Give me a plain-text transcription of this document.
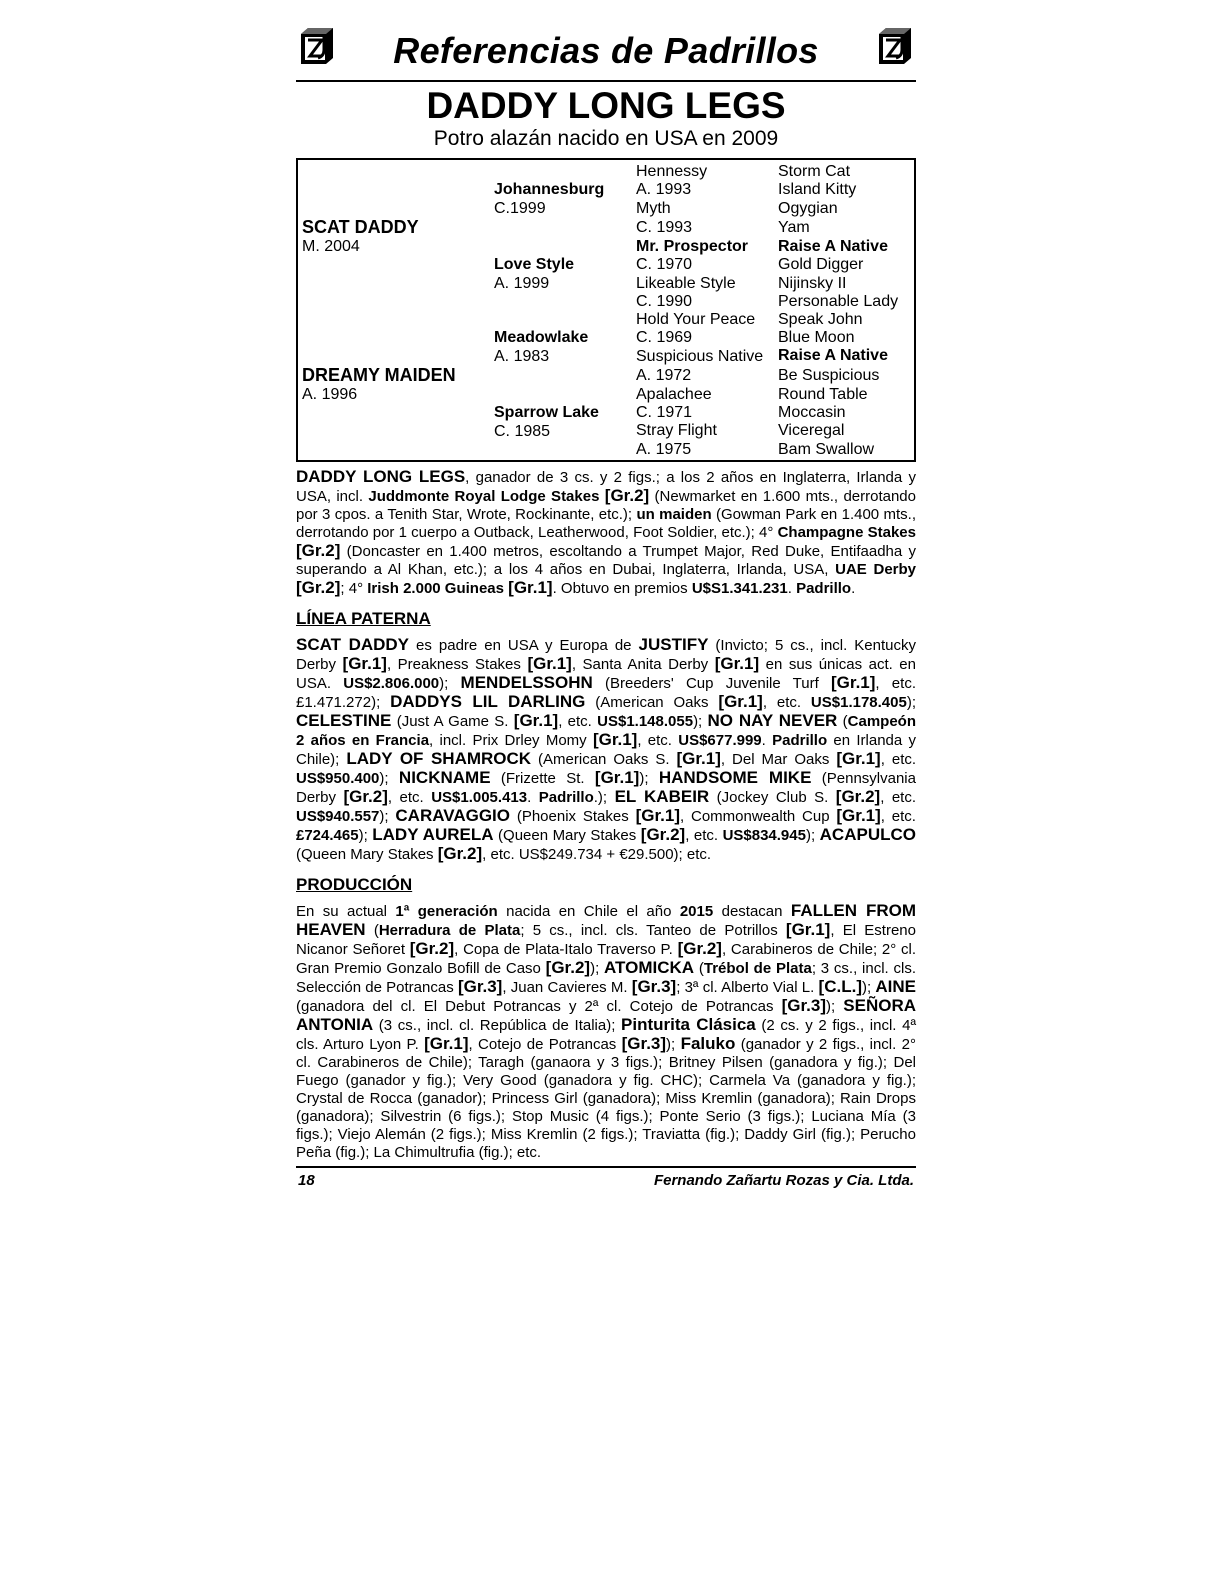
Referencias de Padrillos
DADDY LONG LEGS
Potro alazán nacido en USA en 2009
SCAT DADDY
M. 2004
DREAMY MAIDEN
A. 1996
Johannesburg
C.1999
Love Style
A. 1999
Meadowlake
A. 1983
Sparrow Lake
C. 1985
Hennessy
A. 1993
Myth
C. 1993
Mr. Prospector
C. 1970
Likeable Style
C. 1990
Hold Your Peace
C. 1969
Suspicious Native
A. 1972
Apalachee
C. 1971
Stray Flight
A. 1975
Storm Cat
Island Kitty
Ogygian
Yam
Raise A Native
Gold Digger
Nijinsky II
Personable Lady
Speak John
Blue Moon
Raise A Native
Be Suspicious
Round Table
Moccasin
Viceregal
Bam Swallow
DADDY LONG LEGS, ganador de 3 cs. y 2 figs.; a los 2 años en Inglaterra, Irlanda y USA, incl. Juddmonte Royal Lodge Stakes [Gr.2] (Newmarket en 1.600 mts., derrotando por 3 cpos. a Tenith Star, Wrote, Rockinante, etc.); un maiden (Gowman Park en 1.400 mts., derrotando por 1 cuerpo a Outback, Leatherwood, Foot Soldier, etc.); 4° Champagne Stakes [Gr.2] (Doncaster en 1.400 metros, escoltando a Trumpet Major, Red Duke, Entifaadha y superando a Al Khan, etc.); a los 4 años en Dubai, Inglaterra, Irlanda, USA, UAE Derby [Gr.2]; 4° Irish 2.000 Guineas [Gr.1]. Obtuvo en premios U$S1.341.231. Padrillo.
LÍNEA PATERNA
SCAT DADDY es padre en USA y Europa de JUSTIFY (Invicto; 5 cs., incl. Kentucky Derby [Gr.1], Preakness Stakes [Gr.1], Santa Anita Derby [Gr.1] en sus únicas act. en USA. US$2.806.000); MENDELSSOHN (Breeders' Cup Juvenile Turf [Gr.1], etc. £1.471.272); DADDYS LIL DARLING (American Oaks [Gr.1], etc. US$1.178.405); CELESTINE (Just A Game S. [Gr.1], etc. US$1.148.055); NO NAY NEVER (Campeón 2 años en Francia, incl. Prix Drley Momy [Gr.1], etc. US$677.999. Padrillo en Irlanda y Chile); LADY OF SHAMROCK (American Oaks S. [Gr.1], Del Mar Oaks [Gr.1], etc. US$950.400); NICKNAME (Frizette St. [Gr.1]); HANDSOME MIKE (Pennsylvania Derby [Gr.2], etc. US$1.005.413. Padrillo.); EL KABEIR (Jockey Club S. [Gr.2], etc. US$940.557); CARAVAGGIO (Phoenix Stakes [Gr.1], Commonwealth Cup [Gr.1], etc. £724.465); LADY AURELA (Queen Mary Stakes [Gr.2], etc. US$834.945); ACAPULCO (Queen Mary Stakes [Gr.2], etc. US$249.734 + €29.500); etc.
PRODUCCIÓN
En su actual 1ª generación nacida en Chile el año 2015 destacan FALLEN FROM HEAVEN (Herradura de Plata; 5 cs., incl. cls. Tanteo de Potrillos [Gr.1], El Estreno Nicanor Señoret [Gr.2], Copa de Plata-Italo Traverso P. [Gr.2], Carabineros de Chile; 2° cl. Gran Premio Gonzalo Bofill de Caso [Gr.2]); ATOMICKA (Trébol de Plata; 3 cs., incl. cls. Selección de Potrancas [Gr.3], Juan Cavieres M. [Gr.3]; 3ª cl. Alberto Vial L. [C.L.]); AINE (ganadora del cl. El Debut Potrancas y 2ª cl. Cotejo de Potrancas [Gr.3]); SEÑORA ANTONIA (3 cs., incl. cl. República de Italia); Pinturita Clásica (2 cs. y 2 figs., incl. 4ª cls. Arturo Lyon P. [Gr.1], Cotejo de Potrancas [Gr.3]); Faluko (ganador y 2 figs., incl. 2° cl. Carabineros de Chile); Taragh (ganaora y 3 figs.); Britney Pilsen (ganadora y fig.); Del Fuego (ganador y fig.); Very Good (ganadora y fig. CHC); Carmela Va (ganadora y fig.); Crystal de Rocca (ganador); Princess Girl (ganadora); Miss Kremlin (ganadora); Rain Drops (ganadora); Silvestrin (6 figs.); Stop Music (4 figs.); Ponte Serio (3 figs.); Luciana Mía (3 figs.); Viejo Alemán (2 figs.); Miss Kremlin (2 figs.); Traviatta (fig.); Daddy Girl (fig.); Perucho Peña (fig.); La Chimultrufia (fig.); etc.
18	Fernando Zañartu Rozas y Cia. Ltda.
